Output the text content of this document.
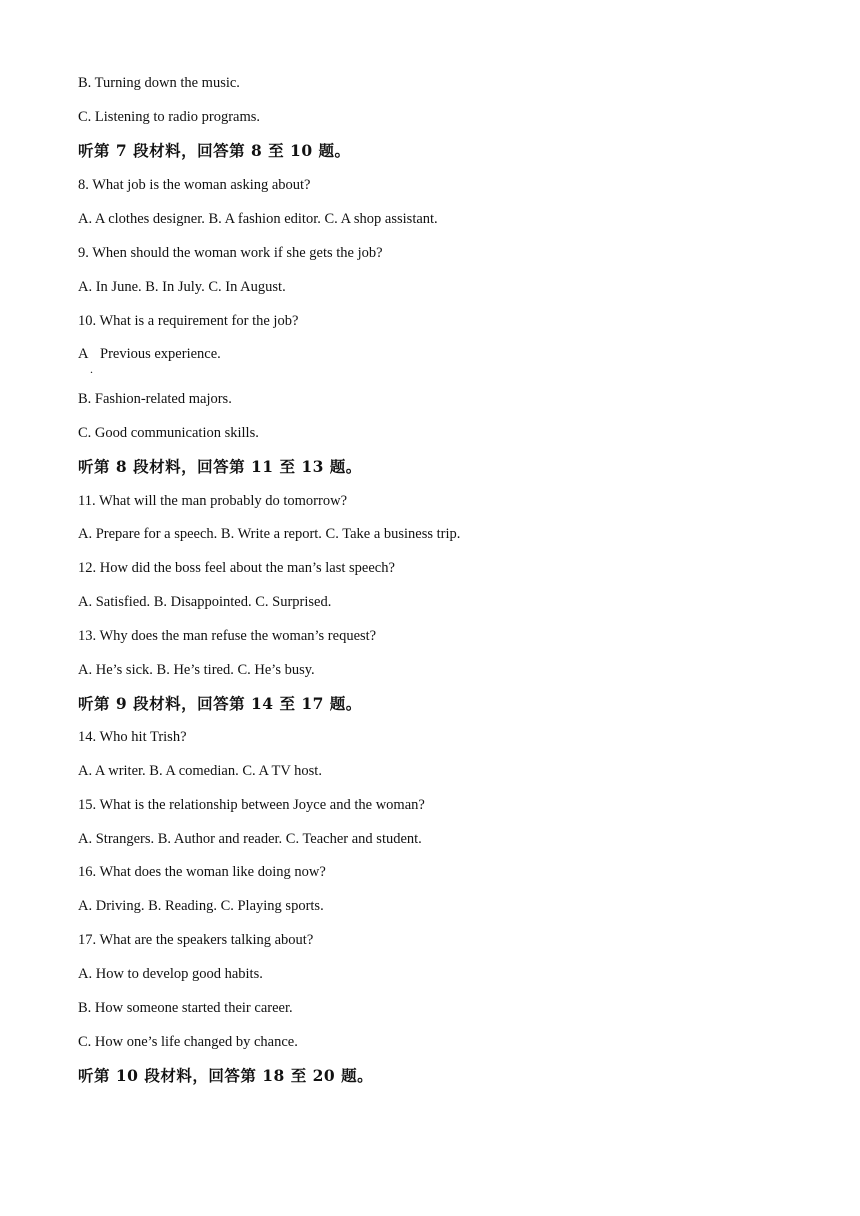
B. Turning down the music.
C. Listening to radio programs.
听第 7 段材料，回答第 8 至 10 题。
8. What job is the woman asking about?
A. A clothes designer. B. A fashion editor. C. A shop assistant.
9. When should the woman work if she gets the job?
A. In June. B. In July. C. In August.
10. What is a requirement for the job?
A
.
Previous experience.
B. Fashion-related majors.
C. Good communication skills.
听第 8 段材料，回答第 11 至 13 题。
11. What will the man probably do tomorrow?
A. Prepare for a speech. B. Write a report. C. Take a business trip.
12. How did the boss feel about the man’s last speech?
A. Satisfied. B. Disappointed. C. Surprised.
13. Why does the man refuse the woman’s request?
A. He’s sick. B. He’s tired. C. He’s busy.
听第 9 段材料，回答第 14 至 17 题。
14. Who hit Trish?
A. A writer. B. A comedian. C. A TV host.
15. What is the relationship between Joyce and the woman?
A. Strangers. B. Author and reader. C. Teacher and student.
16. What does the woman like doing now?
A. Driving. B. Reading. C. Playing sports.
17. What are the speakers talking about?
A. How to develop good habits.
B. How someone started their career.
C. How one’s life changed by chance.
听第 10 段材料，回答第 18 至 20 题。
